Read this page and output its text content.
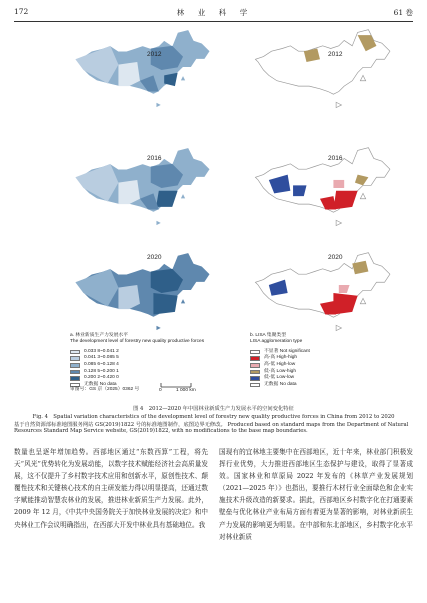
172	林　业　科　学	61 卷
2012
2016
2020
2012
2016
2020
a. 林业新质生产力发展水平
The development level of forestry new quality productive forces
0.033 8~0.041 2
0.041 3~0.085 5
0.085 6~0.128 4
0.128 5~0.200 1
0.200 2~0.420 0
无数据 No data
b. LISA 集聚类型
LISA agglomeration type
不显著 Not significant
高-高 High-high
高-低 High-low
低-高 Low-high
低-低 Low-low
无数据 No data
0	1 000 km
审图号：GS 京（2025）0362 号
图 4　2012—2020 年中国林业新质生产力发展水平的空间变化特征
Fig. 4　Spatial variation characteristics of the development level of forestry new quality productive forces in China from 2012 to 2020
基于自然资源部标准地图服务网站 GS(2019)1822 号的标准地图制作，底图边界无修改。 Produced based on standard maps from the Department of Natural Resources Standard Map Service website, GS(2019)1822, with no modifications to the base map boundaries.

数量也呈逐年增加趋势。西部地区通过“东数西算”工程，将先天“风光”优势转化为发展动能，以数字技术赋能经济社会高质量发展，这不仅提升了乡村数字技术应用和创新水平，原创性技术、颠覆性技术和关键核心技术的自主研发能力得以明显提高，还通过数字赋能推动智慧农林业的发展，推进林业新质生产力发展。此外，2009 年 12 月，《中共中央国务院关于加快林业发展的决定》和中央林业工作会议明确指出，在西部大开发中林业具有基础地位。我

国现有的宜林地主要集中在西部地区，近十年来，林业部门积极发挥行业优势，大力推进西部地区生态保护与建设，取得了显著成效。国家林业和草原局 2022 年发布的《林草产业发展规划（2021—2025 年）》也指出，要推行木材行业全面绿色和企业实施技术升级改造的新要求。据此，西部地区乡村数字化在打通要素壁垒与优化林业产业布局方面有着更为显著的影响，对林业新质生产力发展的影响更为明显。在中部和东北部地区，乡村数字化水平对林业新质
